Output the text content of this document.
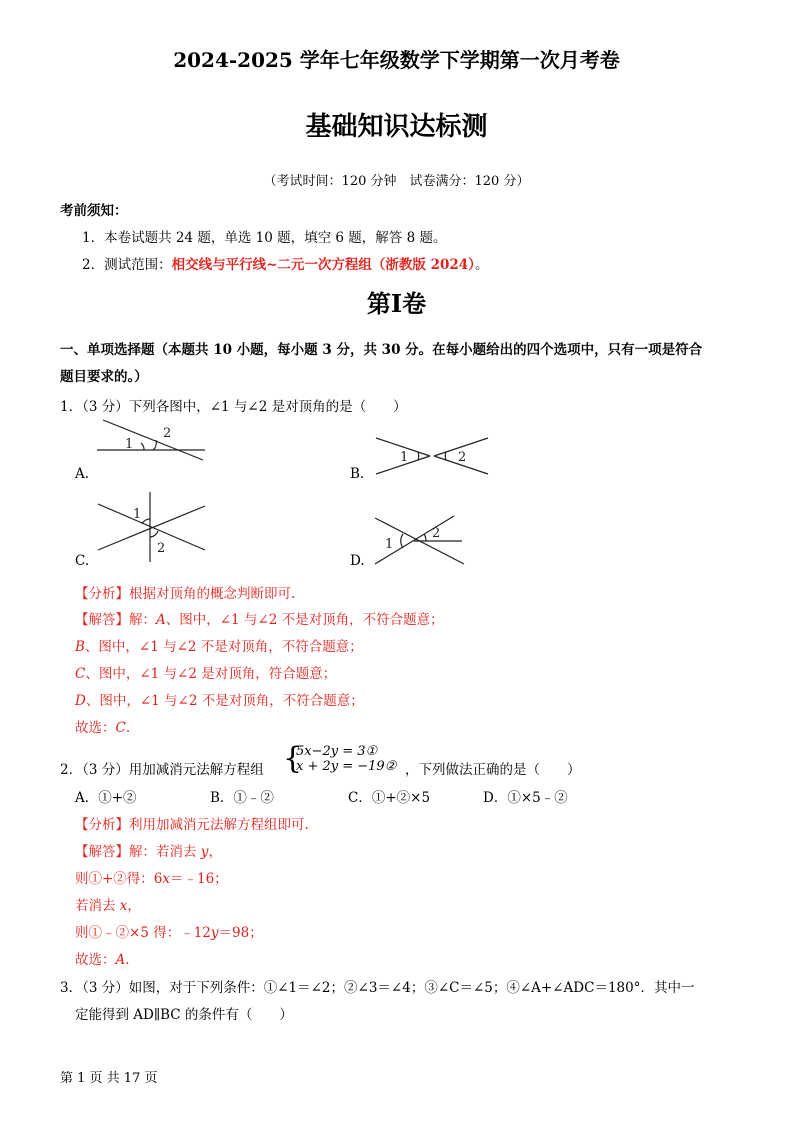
2024-2025 学年七年级数学下学期第一次月考卷
基础知识达标测
（考试时间：120 分钟　试卷满分：120 分）
考前须知：
1．本卷试题共 24 题，单选 10 题，填空 6 题，解答 8 题。
2．测试范围：相交线与平行线~二元一次方程组（浙教版 2024）。
第I卷
一、单项选择题（本题共 10 小题，每小题 3 分，共 30 分。在每小题给出的四个选项中，只有一项是符合
题目要求的。）
1．（3 分）下列各图中，∠1 与∠2 是对顶角的是（　　）
A.
1
2
B.
1	2
C.
1
2
D.
1
2
【分析】根据对顶角的概念判断即可.
【解答】解：A、图中，∠1 与∠2 不是对顶角，不符合题意；
B、图中，∠1 与∠2 不是对顶角，不符合题意；
C、图中，∠1 与∠2 是对顶角，符合题意；
D、图中，∠1 与∠2 不是对顶角，不符合题意；
故选：C.
2．（3 分）用加减消元法解方程组 {
5x−2y = 3①
x + 2y = −19② ，下列做法正确的是（　　）
A．①+②	B．①﹣②	C．①+②×5	D．①×5﹣②
【分析】利用加减消元法解方程组即可.
【解答】解：若消去 y，
则①+②得：6x＝﹣16；
若消去 x，
则①﹣②×5 得：﹣12y＝98；
故选：A.
3．（3 分）如图，对于下列条件：①∠1＝∠2；②∠3＝∠4；③∠C＝∠5；④∠A+∠ADC＝180°．其中一
定能得到 AD∥BC 的条件有（　　）
第 1 页 共 17 页
